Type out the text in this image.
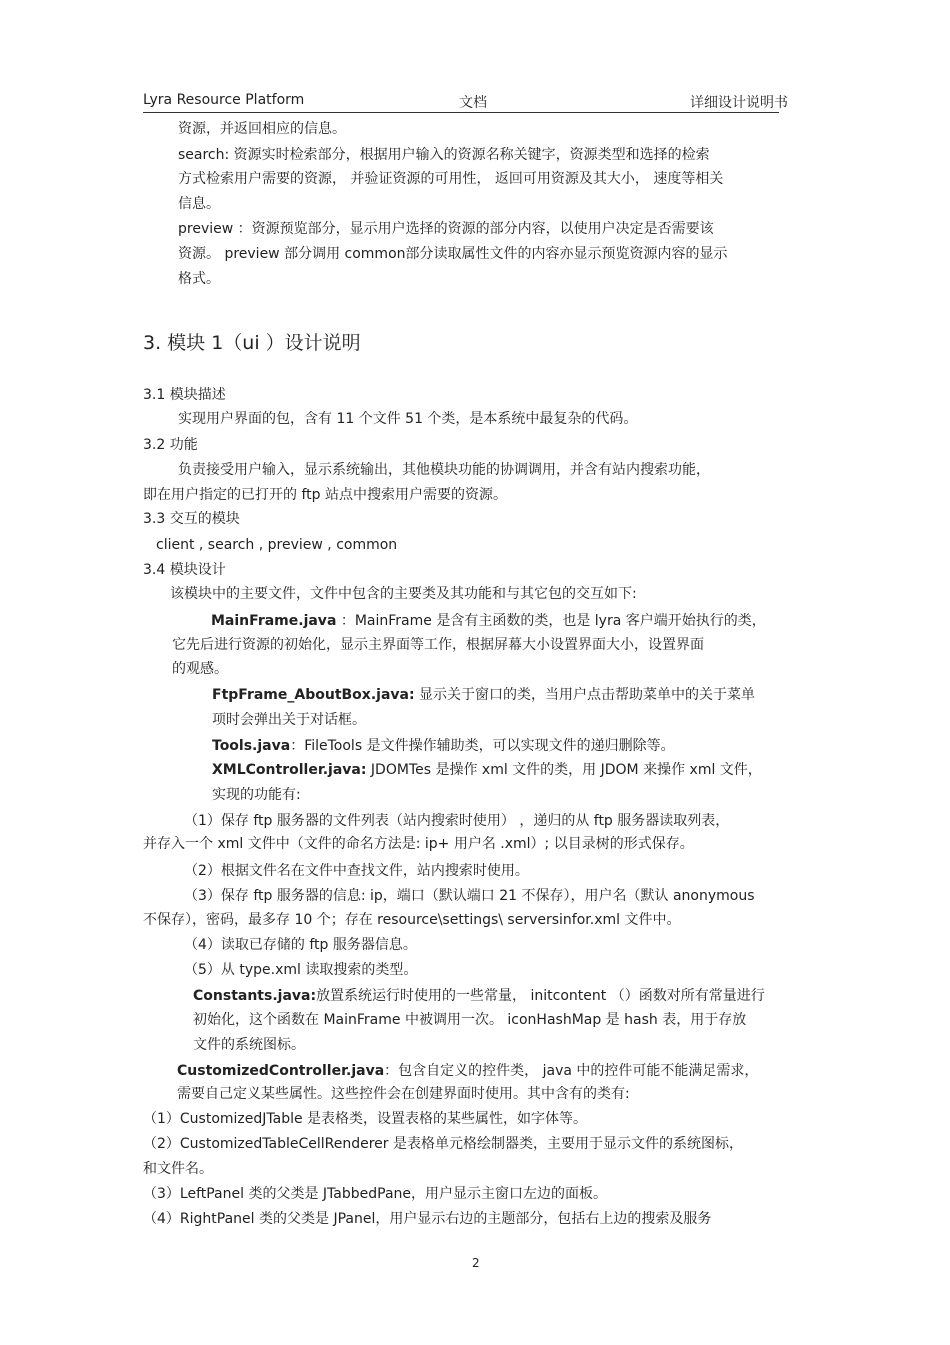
Lyra Resource Platform	文档	详细设计说明书
资源，并返回相应的信息。
search: 资源实时检索部分，根据用户输入的资源名称关键字，资源类型和选择的检索
方式检索用户需要的资源， 并验证资源的可用性， 返回可用资源及其大小， 速度等相关
信息。
preview ：资源预览部分，显示用户选择的资源的部分内容，以使用户决定是否需要该
资源。 preview 部分调用 common部分读取属性文件的内容亦显示预览资源内容的显示
格式。
3. 模块 1（ui ）设计说明
3.1 模块描述
实现用户界面的包，含有 11 个文件 51 个类，是本系统中最复杂的代码。
3.2 功能
负责接受用户输入，显示系统输出，其他模块功能的协调调用，并含有站内搜索功能，
即在用户指定的已打开的 ftp 站点中搜索用户需要的资源。
3.3 交互的模块
client , search , preview , common
3.4 模块设计
该模块中的主要文件，文件中包含的主要类及其功能和与其它包的交互如下:
MainFrame.java ：MainFrame 是含有主函数的类，也是 lyra 客户端开始执行的类，
它先后进行资源的初始化，显示主界面等工作，根据屏幕大小设置界面大小，设置界面
的观感。
FtpFrame_AboutBox.java: 显示关于窗口的类，当用户点击帮助菜单中的关于菜单
项时会弹出关于对话框。
Tools.java：FileTools 是文件操作辅助类，可以实现文件的递归删除等。
XMLController.java: JDOMTes 是操作 xml 文件的类，用 JDOM 来操作 xml 文件，
实现的功能有:
（1）保存 ftp 服务器的文件列表（站内搜索时使用） ，递归的从 ftp 服务器读取列表，
并存入一个 xml 文件中（文件的命名方法是: ip+ 用户名 .xml）; 以目录树的形式保存。
（2）根据文件名在文件中查找文件，站内搜索时使用。
（3）保存 ftp 服务器的信息: ip，端口（默认端口 21 不保存），用户名（默认 anonymous
不保存），密码，最多存 10 个；存在 resource\settings\ serversinfor.xml 文件中。
（4）读取已存储的 ftp 服务器信息。
（5）从 type.xml 读取搜索的类型。
Constants.java:放置系统运行时使用的一些常量， initcontent （）函数对所有常量进行
初始化，这个函数在 MainFrame 中被调用一次。 iconHashMap 是 hash 表，用于存放
文件的系统图标。
CustomizedController.java：包含自定义的控件类， java 中的控件可能不能满足需求，
需要自己定义某些属性。这些控件会在创建界面时使用。其中含有的类有:
（1）CustomizedJTable 是表格类，设置表格的某些属性，如字体等。
（2）CustomizedTableCellRenderer 是表格单元格绘制器类，主要用于显示文件的系统图标，
和文件名。
（3）LeftPanel 类的父类是 JTabbedPane，用户显示主窗口左边的面板。
（4）RightPanel 类的父类是 JPanel，用户显示右边的主题部分，包括右上边的搜索及服务
2
